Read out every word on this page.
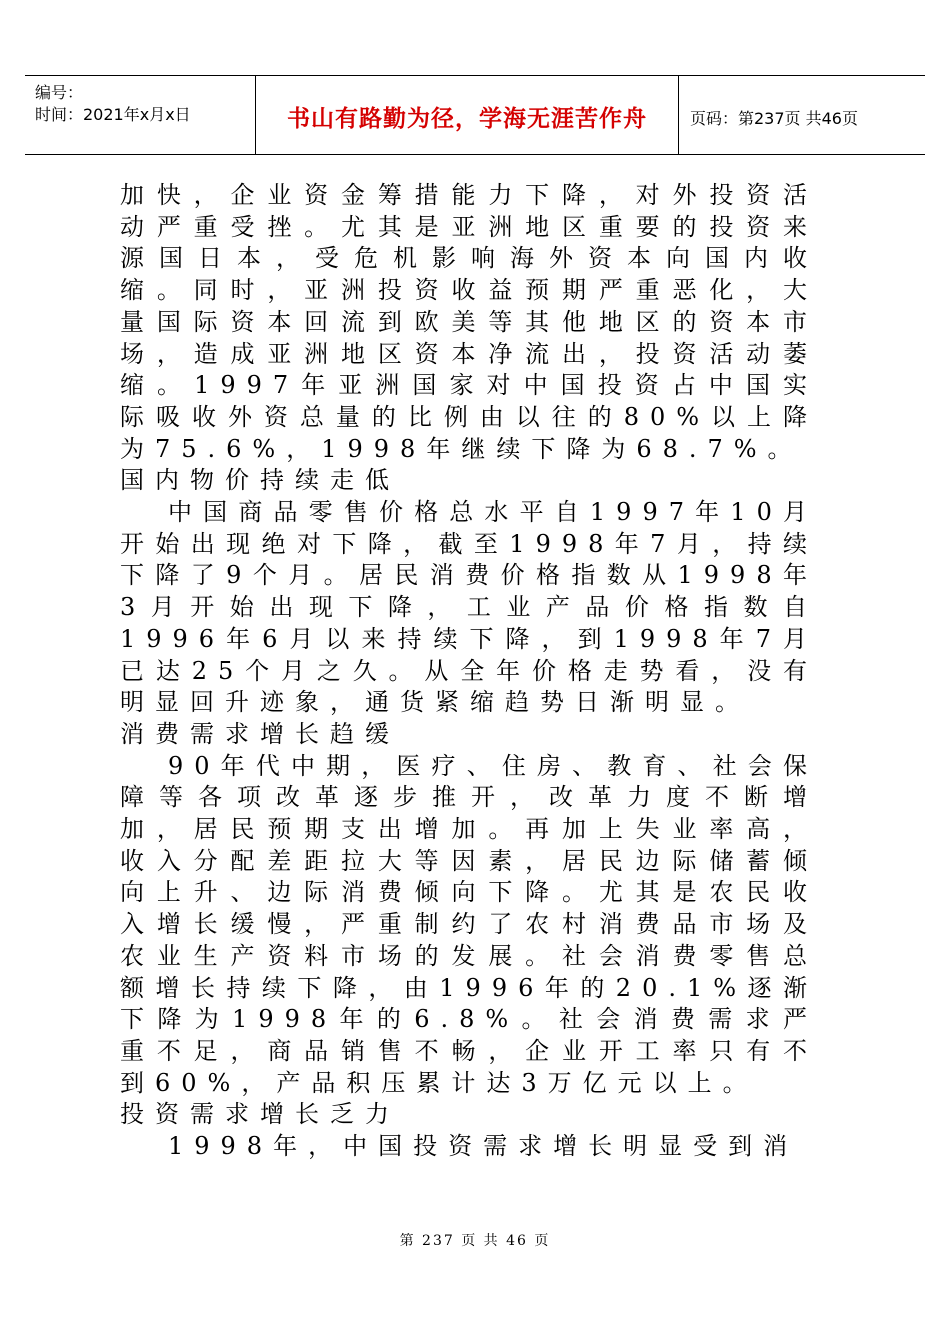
编号：
时间：2021年x月x日	书山有路勤为径，学海无涯苦作舟	页码：第237页 共46页

加快，企业资金筹措能力下降，对外投资活动严重受挫。尤其是亚洲地区重要的投资来源国日本，受危机影响海外资本向国内收缩。同时，亚洲投资收益预期严重恶化，大量国际资本回流到欧美等其他地区的资本市场，造成亚洲地区资本净流出，投资活动萎缩。1997年亚洲国家对中国投资占中国实际吸收外资总量的比例由以往的80%以上降为75.6%，1998年继续下降为68.7%。

国内物价持续走低

中国商品零售价格总水平自1997年10月开始出现绝对下降，截至1998年7月，持续下降了9个月。居民消费价格指数从1998年3月开始出现下降，工业产品价格指数自1996年6月以来持续下降，到1998年7月已达25个月之久。从全年价格走势看，没有明显回升迹象，通货紧缩趋势日渐明显。

消费需求增长趋缓

90年代中期，医疗、住房、教育、社会保障等各项改革逐步推开，改革力度不断增加，居民预期支出增加。再加上失业率高，收入分配差距拉大等因素，居民边际储蓄倾向上升、边际消费倾向下降。尤其是农民收入增长缓慢，严重制约了农村消费品市场及农业生产资料市场的发展。社会消费零售总额增长持续下降，由1996年的20.1%逐渐下降为1998年的6.8%。社会消费需求严重不足，商品销售不畅，企业开工率只有不到60%，产品积压累计达3万亿元以上。

投资需求增长乏力

1998年，中国投资需求增长明显受到消

第 237 页 共 46 页
